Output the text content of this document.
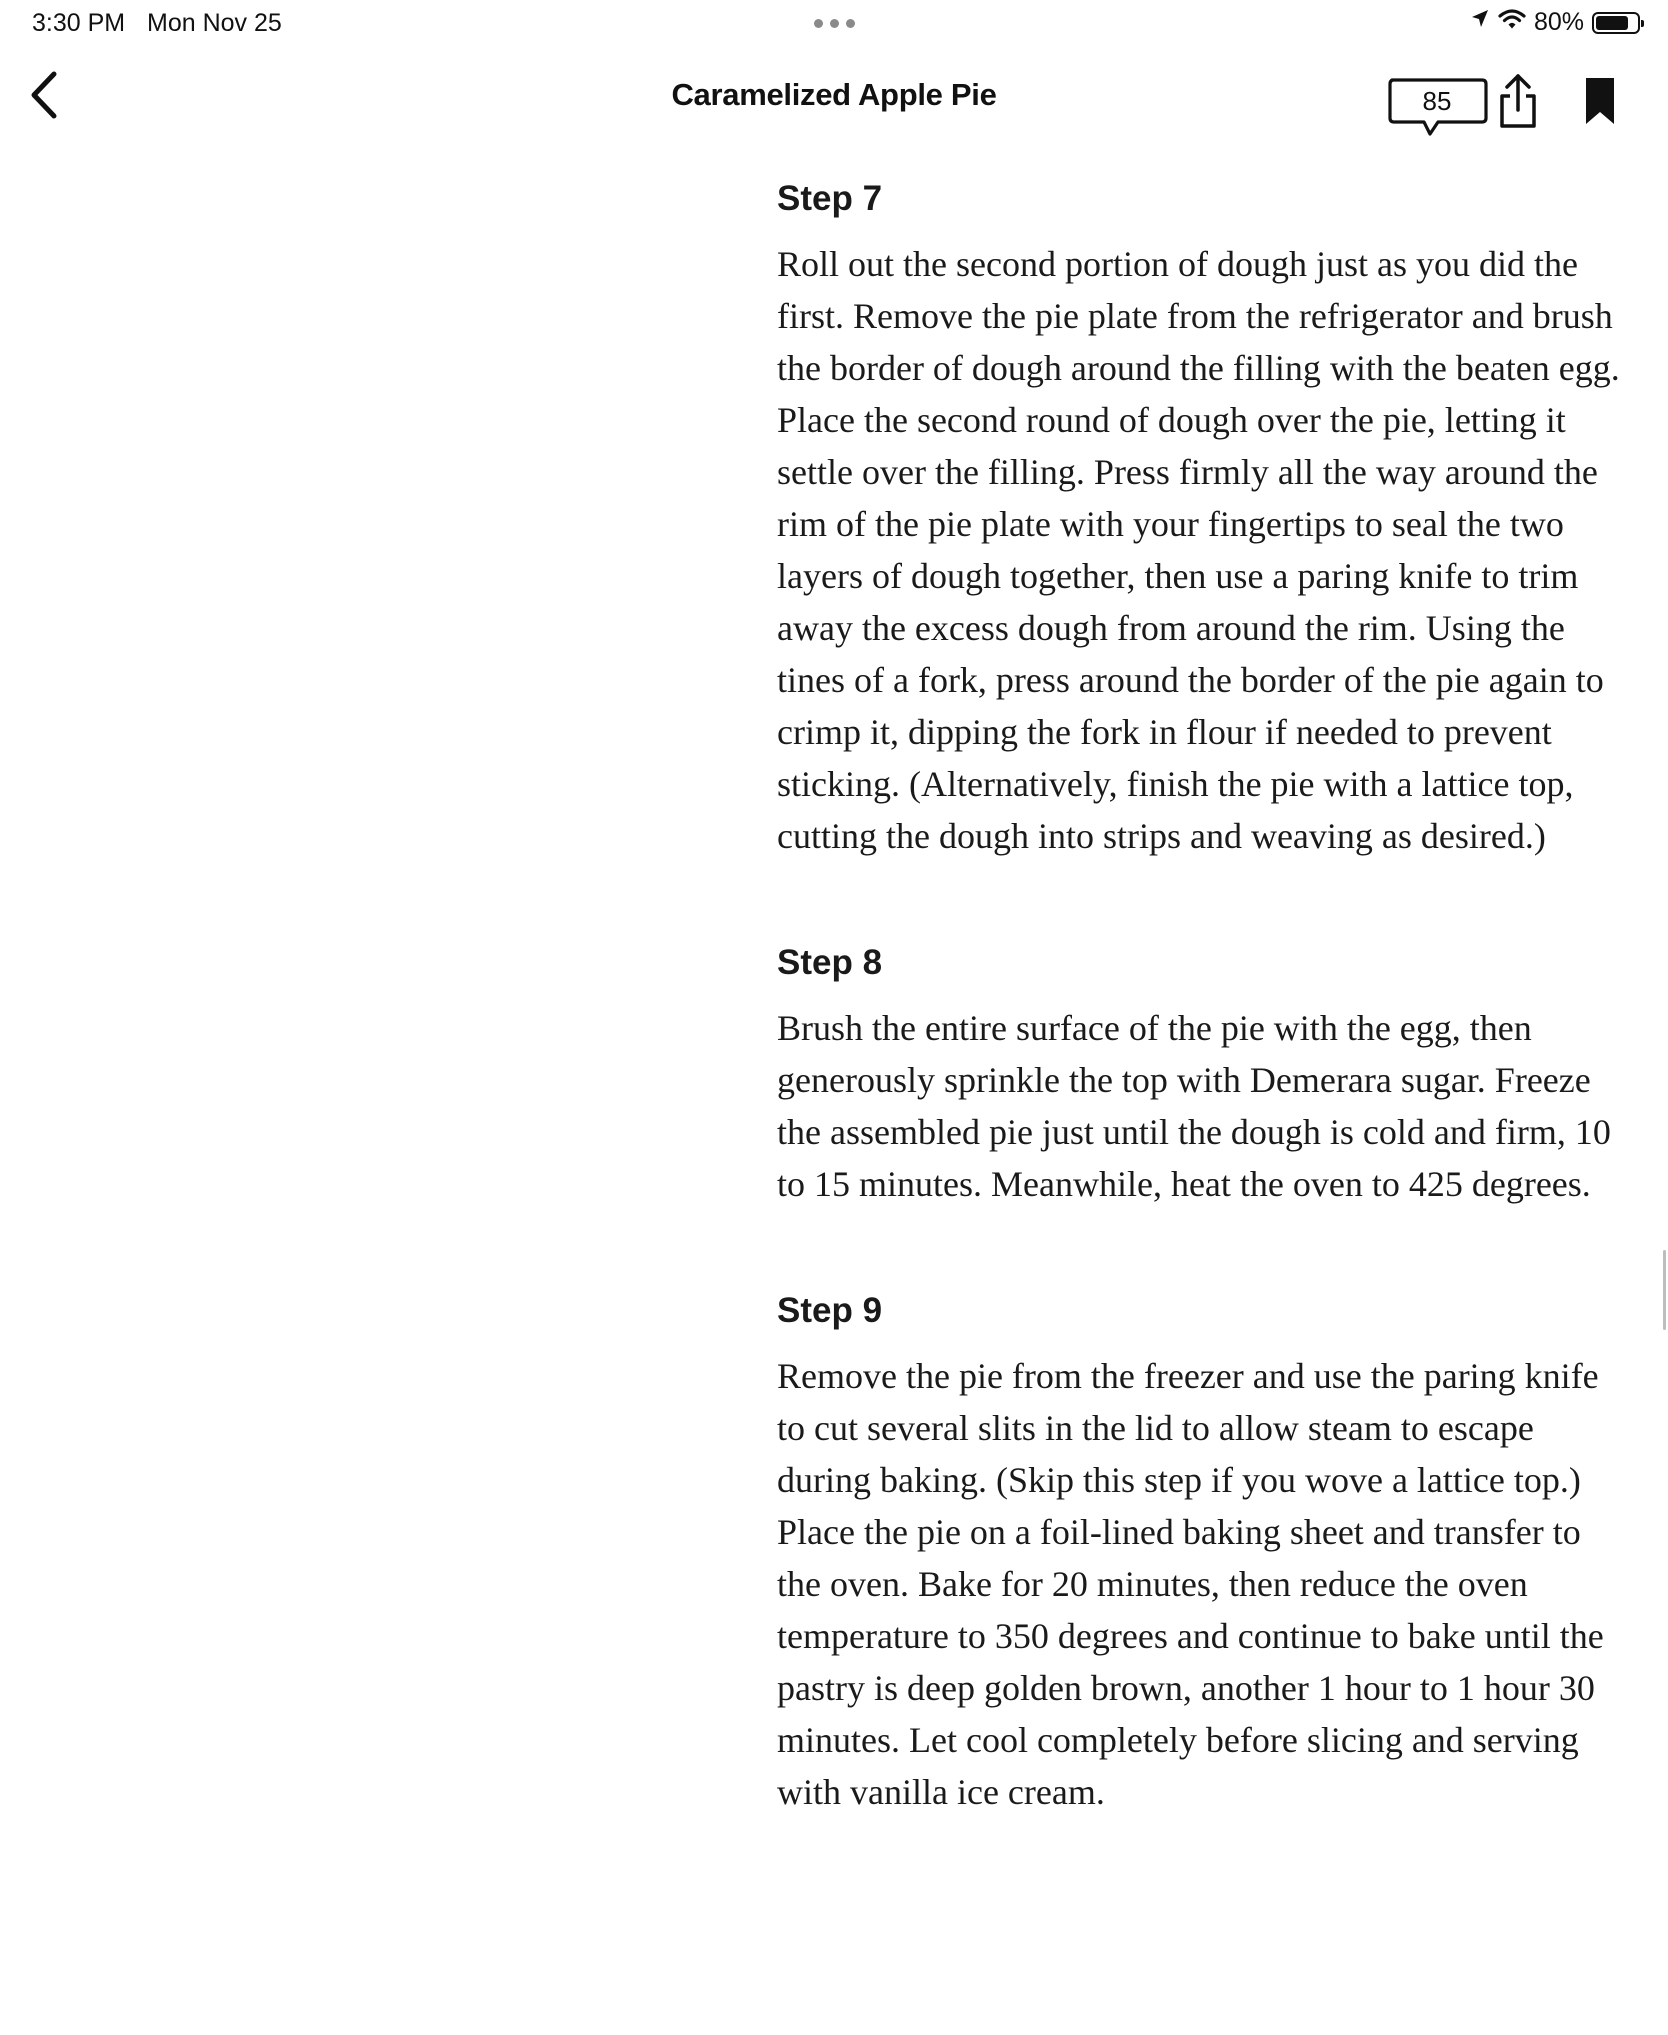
3:30 PM Mon Nov 25	80%
Caramelized Apple Pie	85
Step 7

Roll out the second portion of dough just as you did the first. Remove the pie plate from the refrigerator and brush the border of dough around the filling with the beaten egg. Place the second round of dough over the pie, letting it settle over the filling. Press firmly all the way around the rim of the pie plate with your fingertips to seal the two layers of dough together, then use a paring knife to trim away the excess dough from around the rim. Using the tines of a fork, press around the border of the pie again to crimp it, dipping the fork in flour if needed to prevent sticking. (Alternatively, finish the pie with a lattice top, cutting the dough into strips and weaving as desired.)

Step 8

Brush the entire surface of the pie with the egg, then generously sprinkle the top with Demerara sugar. Freeze the assembled pie just until the dough is cold and firm, 10 to 15 minutes. Meanwhile, heat the oven to 425 degrees.

Step 9

Remove the pie from the freezer and use the paring knife to cut several slits in the lid to allow steam to escape during baking. (Skip this step if you wove a lattice top.) Place the pie on a foil-lined baking sheet and transfer to the oven. Bake for 20 minutes, then reduce the oven temperature to 350 degrees and continue to bake until the pastry is deep golden brown, another 1 hour to 1 hour 30 minutes. Let cool completely before slicing and serving with vanilla ice cream.
